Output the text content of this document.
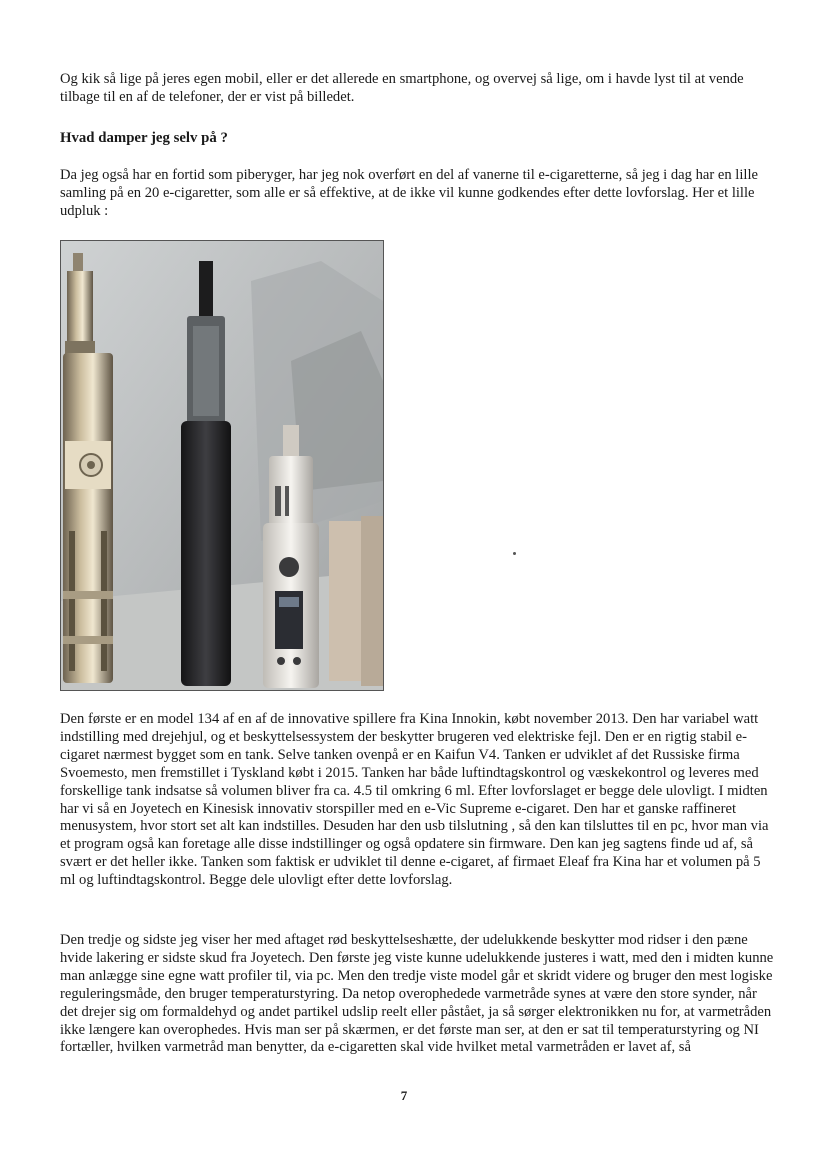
Og kik så lige på jeres egen mobil, eller er det allerede en smartphone, og overvej så lige, om i havde lyst til at vende tilbage til en af de telefoner, der er vist på billedet.

Hvad damper jeg selv på ?

Da jeg også har en fortid som piberyger, har jeg nok overført en del af vanerne til e-cigaretterne, så jeg i dag har en lille samling på en 20 e-cigaretter, som alle er så effektive, at de ikke vil kunne godkendes efter dette lovforslag. Her et lille udpluk :

Den første er en model 134 af en af de innovative spillere fra Kina Innokin, købt november 2013. Den har variabel watt indstilling med drejehjul, og et beskyttelsessystem der beskytter brugeren ved elektriske fejl. Den er en rigtig stabil e-cigaret nærmest bygget som en tank. Selve tanken ovenpå er en Kaifun V4. Tanken er udviklet af det Russiske firma Svoemesto, men fremstillet i Tyskland købt i 2015. Tanken har både luftindtagskontrol og væskekontrol og leveres med forskellige tank indsatse så volumen bliver fra ca. 4.5 til omkring 6 ml. Efter lovforslaget er begge dele ulovligt. I midten har vi så en Joyetech en Kinesisk innovativ storspiller med en e-Vic Supreme e-cigaret. Den har et ganske raffineret menusystem, hvor stort set alt kan indstilles. Desuden har den usb tilslutning , så den kan tilsluttes til en pc, hvor man via et program også kan foretage alle disse indstillinger og også opdatere sin firmware. Den kan jeg sagtens finde ud af, så svært er det heller ikke. Tanken som faktisk er udviklet til denne e-cigaret, af firmaet Eleaf fra Kina har et volumen på 5 ml og luftindtagskontrol. Begge dele ulovligt efter dette lovforslag.

Den tredje og sidste jeg viser her med aftaget rød beskyttelseshætte, der udelukkende beskytter mod ridser i den pæne hvide lakering er sidste skud fra Joyetech. Den første jeg viste kunne udelukkende justeres i watt, med den i midten kunne man anlægge sine egne watt profiler til, via pc. Men den tredje viste model går et skridt videre og bruger den mest logiske reguleringsmåde, den bruger temperaturstyring. Da netop overophedede varmetråde synes at være den store synder, når det drejer sig om formaldehyd og andet partikel udslip reelt eller påstået, ja så sørger elektronikken nu for, at varmetråden ikke længere kan overophedes. Hvis man ser på skærmen, er det første man ser, at den er sat til temperaturstyring og NI fortæller, hvilken varmetråd man benytter, da e-cigaretten skal vide hvilket metal varmetråden er lavet af, så

7
